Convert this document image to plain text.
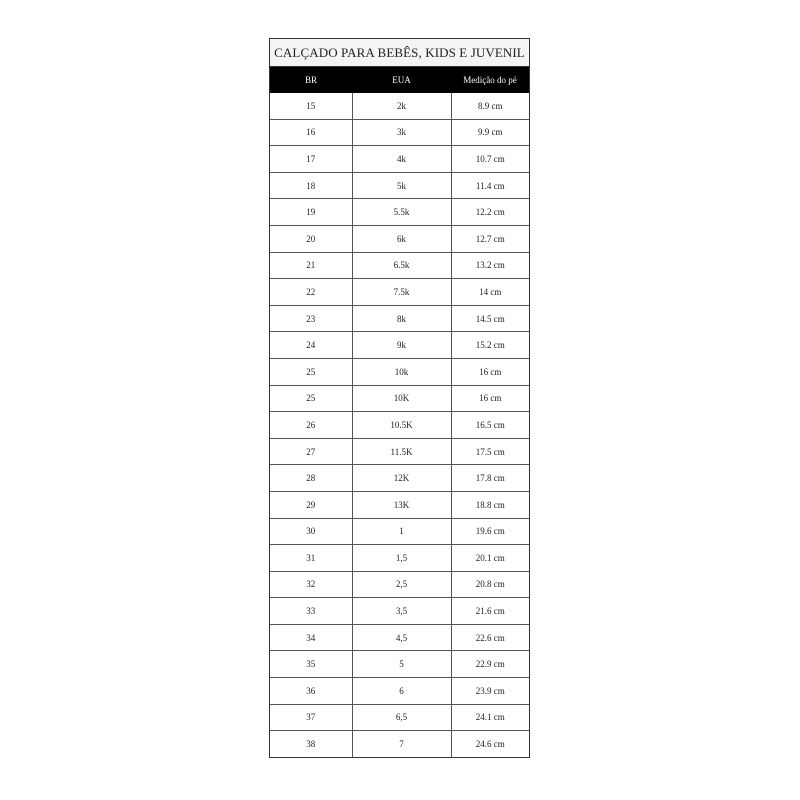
CALÇADO PARA BEBÊS, KIDS E JUVENIL
BR	EUA	Medição do pé
15	2k	8.9 cm
16	3k	9.9 cm
17	4k	10.7 cm
18	5k	11.4 cm
19	5.5k	12.2 cm
20	6k	12.7 cm
21	6.5k	13.2 cm
22	7.5k	14 cm
23	8k	14.5 cm
24	9k	15.2 cm
25	10k	16 cm
25	10K	16 cm
26	10.5K	16.5 cm
27	11.5K	17.5 cm
28	12K	17.8 cm
29	13K	18.8 cm
30	1	19.6 cm
31	1,5	20.1 cm
32	2,5	20.8 cm
33	3,5	21.6 cm
34	4,5	22.6 cm
35	5	22.9 cm
36	6	23.9 cm
37	6,5	24.1 cm
38	7	24.6 cm
